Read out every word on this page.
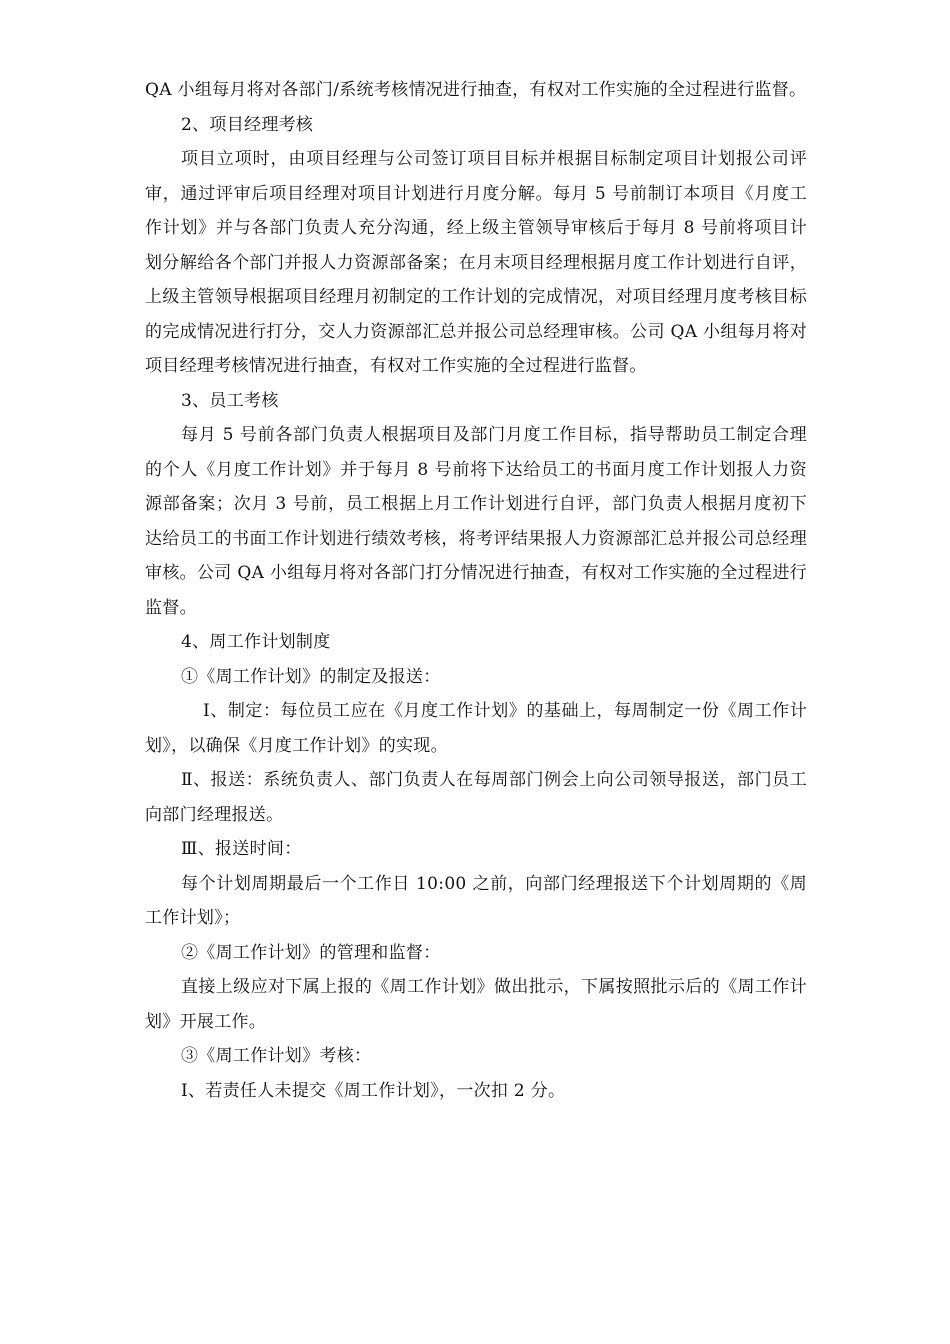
QA 小组每月将对各部门/系统考核情况进行抽查，有权对工作实施的全过程进行监督。

2、项目经理考核

项目立项时，由项目经理与公司签订项目目标并根据目标制定项目计划报公司评审，通过评审后项目经理对项目计划进行月度分解。每月 5 号前制订本项目《月度工作计划》并与各部门负责人充分沟通，经上级主管领导审核后于每月 8 号前将项目计划分解给各个部门并报人力资源部备案；在月末项目经理根据月度工作计划进行自评，上级主管领导根据项目经理月初制定的工作计划的完成情况，对项目经理月度考核目标的完成情况进行打分，交人力资源部汇总并报公司总经理审核。公司 QA 小组每月将对项目经理考核情况进行抽查，有权对工作实施的全过程进行监督。

3、员工考核

每月 5 号前各部门负责人根据项目及部门月度工作目标，指导帮助员工制定合理的个人《月度工作计划》并于每月 8 号前将下达给员工的书面月度工作计划报人力资源部备案；次月 3 号前，员工根据上月工作计划进行自评，部门负责人根据月度初下达给员工的书面工作计划进行绩效考核，将考评结果报人力资源部汇总并报公司总经理审核。公司 QA 小组每月将对各部门打分情况进行抽查，有权对工作实施的全过程进行监督。

4、周工作计划制度

①《周工作计划》的制定及报送：

Ⅰ、制定：每位员工应在《月度工作计划》的基础上，每周制定一份《周工作计划》，以确保《月度工作计划》的实现。

Ⅱ、报送：系统负责人、部门负责人在每周部门例会上向公司领导报送，部门员工向部门经理报送。

Ⅲ、报送时间：

每个计划周期最后一个工作日 10:00 之前，向部门经理报送下个计划周期的《周工作计划》；

②《周工作计划》的管理和监督：

直接上级应对下属上报的《周工作计划》做出批示，下属按照批示后的《周工作计划》开展工作。

③《周工作计划》考核：

Ⅰ、若责任人未提交《周工作计划》，一次扣 2 分。
